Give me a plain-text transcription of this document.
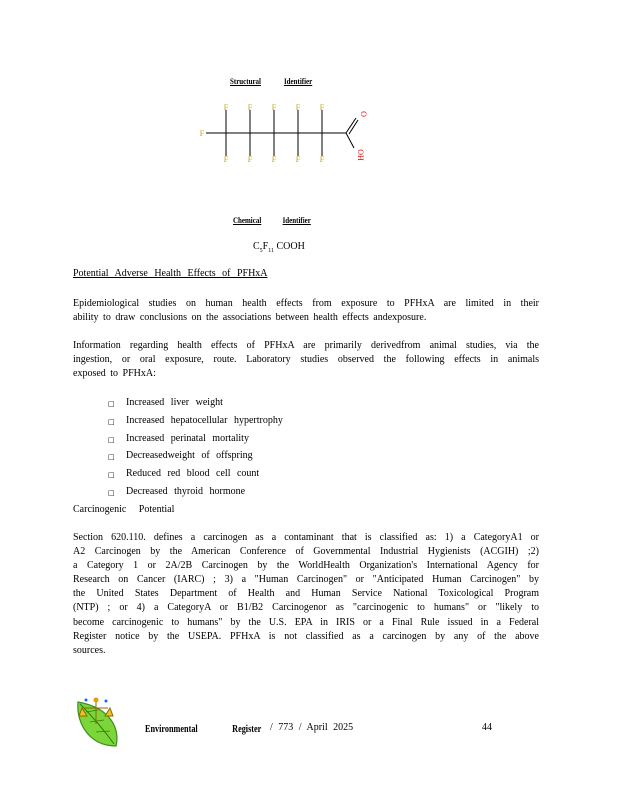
Structural	Identifier
F
F
F
F
F
F
F
F
F
F
F
O
OH
Chemical	Identifier
$C_5F_{11}$ COOH
Potential Adverse Health Effects of PFHxA
Epidemiological studies on human health effects from exposure to PFHxA are limited in their
ability to draw conclusions on the associations between health effects andexposure.
Information regarding health effects of PFHxA are primarily derivedfrom animal studies, via the
ingestion, or oral exposure, route. Laboratory studies observed the following effects in animals
exposed to PFHxA:
□	Increased liver weight
□	Increased hepatocellular hypertrophy
□	Increased perinatal mortality
□	Decreasedweight of offspring
□	Reduced red blood cell count
□	Decreased thyroid hormone
Carcinogenic Potential
Section 620.110. defines a carcinogen as a contaminant that is classified as: 1) a CategoryA1 or
A2 Carcinogen by the American Conference of Governmental Industrial Hygienists (ACGIH) ;2)
a Category 1 or 2A/2B Carcinogen by the WorldHealth Organization's International Agency for
Research on Cancer (IARC) ; 3) a "Human Carcinogen" or "Anticipated Human Carcinogen" by
the United States Department of Health and Human Service National Toxicological Program
(NTP) ; or 4) a CategoryA or B1/B2 Carcinogenor as "carcinogenic to humans" or "likely to
become carcinogenic to humans" by the U.S. EPA in IRIS or a Final Rule issued in a Federal
Register notice by the USEPA. PFHxA is not classified as a carcinogen by any of the above
sources.
Environmental	Register / 773 / April 2025	44
